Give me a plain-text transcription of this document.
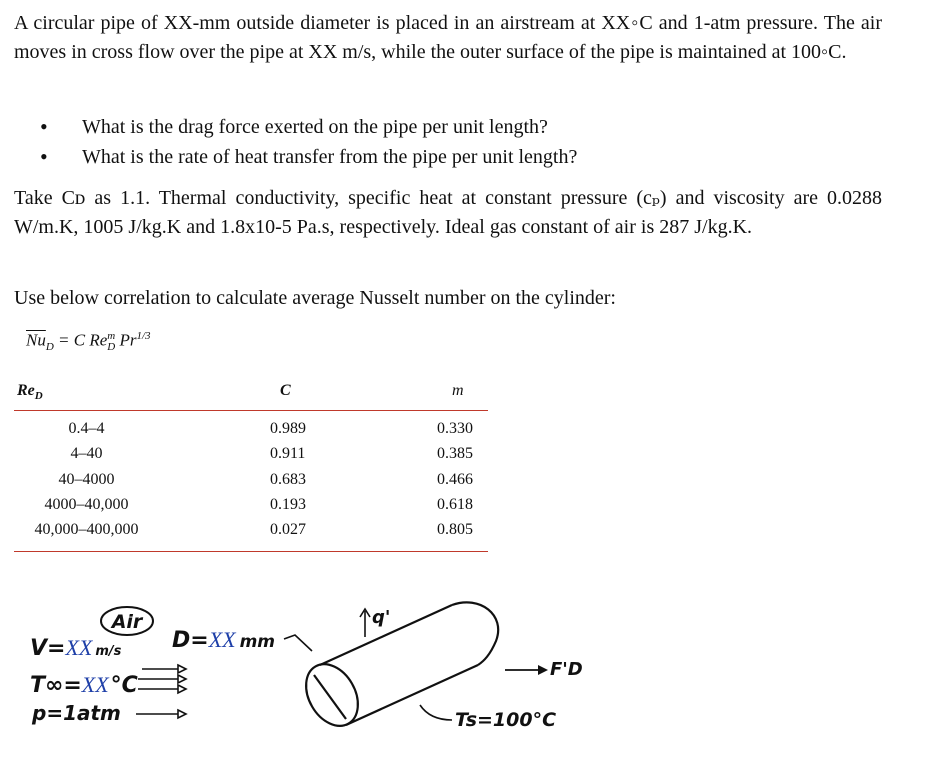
A circular pipe of XX-mm outside diameter is placed in an airstream at XX◦C and 1-atm pressure. The air moves in cross flow over the pipe at XX m/s, while the outer surface of the pipe is maintained at 100◦C.

• What is the drag force exerted on the pipe per unit length?
• What is the rate of heat transfer from the pipe per unit length?

Take Cᴅ as 1.1. Thermal conductivity, specific heat at constant pressure (cₚ) and viscosity are 0.0288 W/m.K, 1005 J/kg.K and 1.8x10-5 Pa.s, respectively. Ideal gas constant of air is 287 J/kg.K.

Use below correlation to calculate average Nusselt number on the cylinder:

$\overline{Nu}_D = C$ $Re^m_D$ $Pr^{1/3}$
$Re_D$	C	m
0.4–4	0.989	0.330
4–40	0.911	0.385
40–4000	0.683	0.466
4000–40,000	0.193	0.618
40,000–400,000	0.027	0.805
Air
V=XX m/s
T∞=XX°C
p=1atm
D=XX mm
q'
F'D
Ts=100°C
